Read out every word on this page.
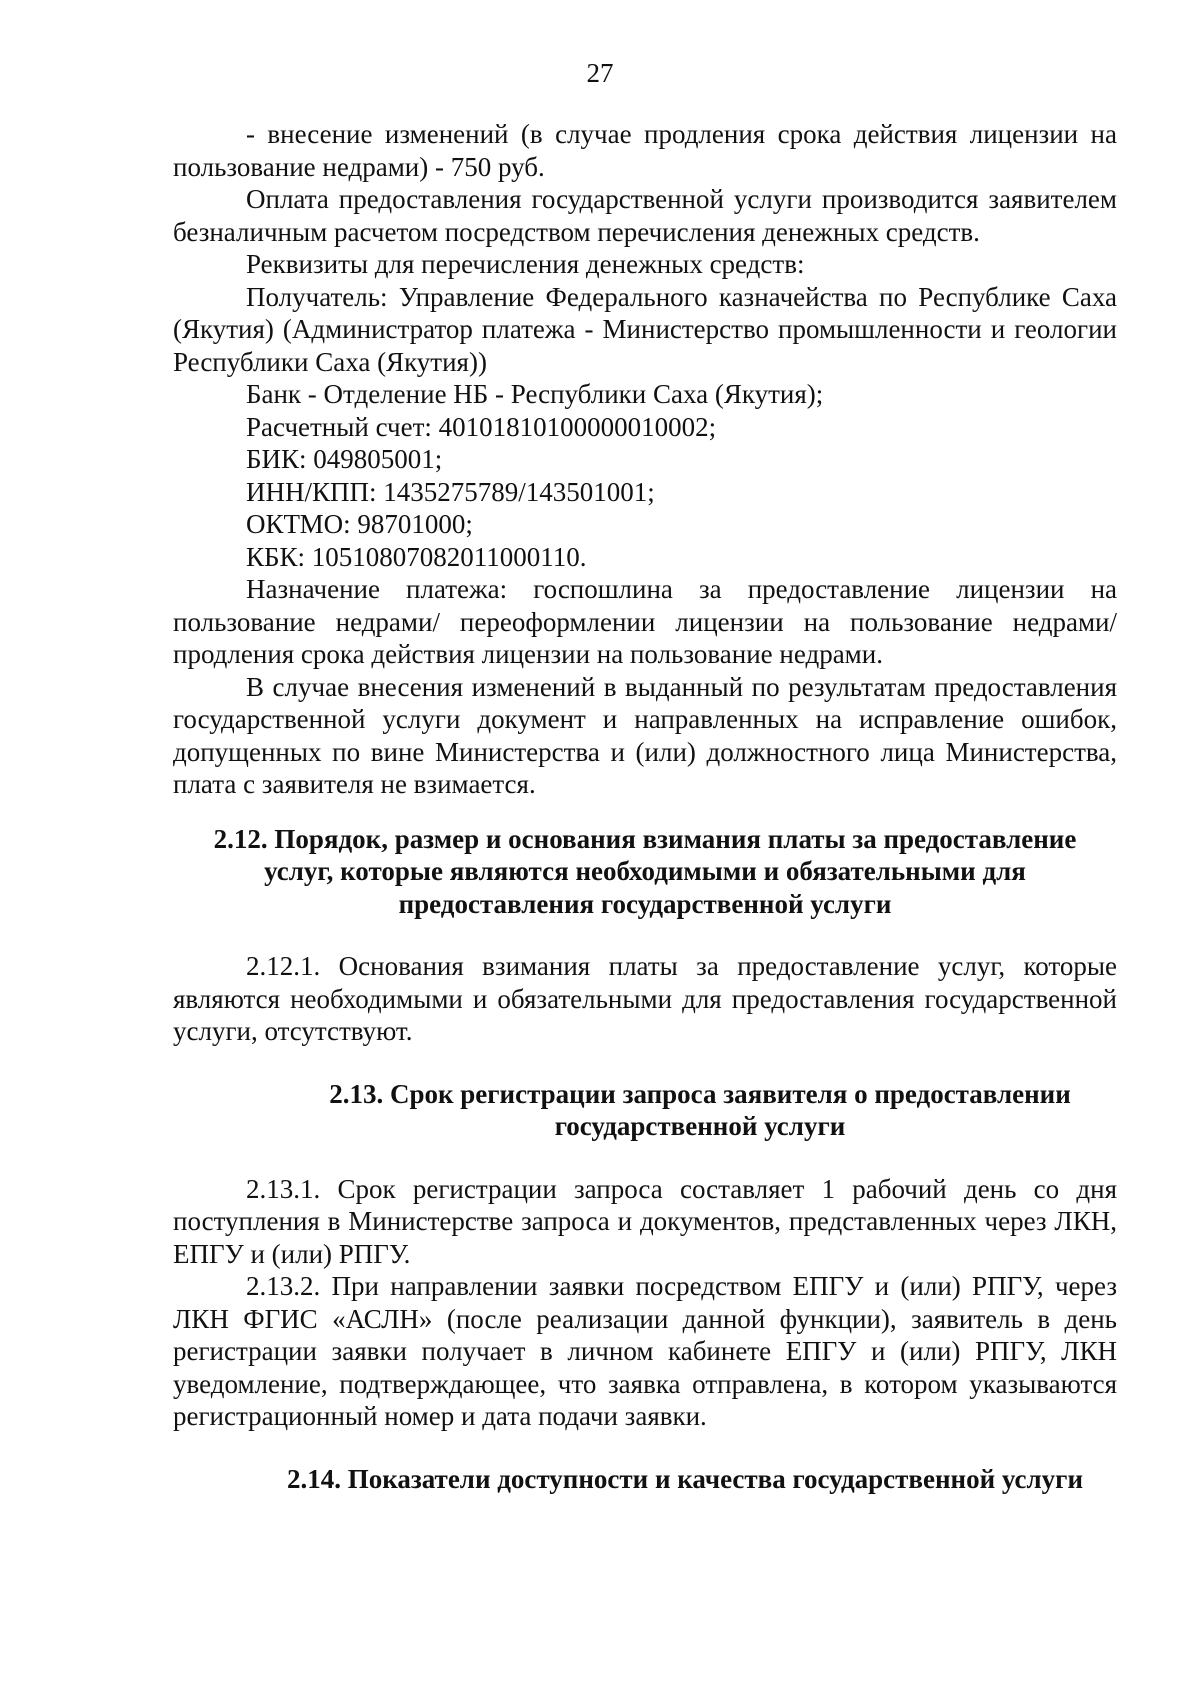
27

- внесение изменений (в случае продления срока действия лицензии на пользование недрами) - 750 руб.

Оплата предоставления государственной услуги производится заявителем безналичным расчетом посредством перечисления денежных средств.

Реквизиты для перечисления денежных средств:

Получатель: Управление Федерального казначейства по Республике Саха (Якутия) (Администратор платежа - Министерство промышленности и геологии Республики Саха (Якутия))

Банк - Отделение НБ - Республики Саха (Якутия);

Расчетный счет: 40101810100000010002;

БИК: 049805001;

ИНН/КПП: 1435275789/143501001;

ОКТМО: 98701000;

КБК: 10510807082011000110.

Назначение платежа: госпошлина за предоставление лицензии на пользование недрами/ переоформлении лицензии на пользование недрами/ продления срока действия лицензии на пользование недрами.

В случае внесения изменений в выданный по результатам предоставления государственной услуги документ и направленных на исправление ошибок, допущенных по вине Министерства и (или) должностного лица Министерства, плата с заявителя не взимается.

2.12. Порядок, размер и основания взимания платы за предоставление услуг, которые являются необходимыми и обязательными для предоставления государственной услуги

2.12.1. Основания взимания платы за предоставление услуг, которые являются необходимыми и обязательными для предоставления государственной услуги, отсутствуют.

2.13. Срок регистрации запроса заявителя о предоставлении государственной услуги

2.13.1. Срок регистрации запроса составляет 1 рабочий день со дня поступления в Министерстве запроса и документов, представленных через ЛКН, ЕПГУ и (или) РПГУ.

2.13.2. При направлении заявки посредством ЕПГУ и (или) РПГУ, через ЛКН ФГИС «АСЛН» (после реализации данной функции), заявитель в день регистрации заявки получает в личном кабинете ЕПГУ и (или) РПГУ, ЛКН уведомление, подтверждающее, что заявка отправлена, в котором указываются регистрационный номер и дата подачи заявки.

2.14. Показатели доступности и качества государственной услуги
